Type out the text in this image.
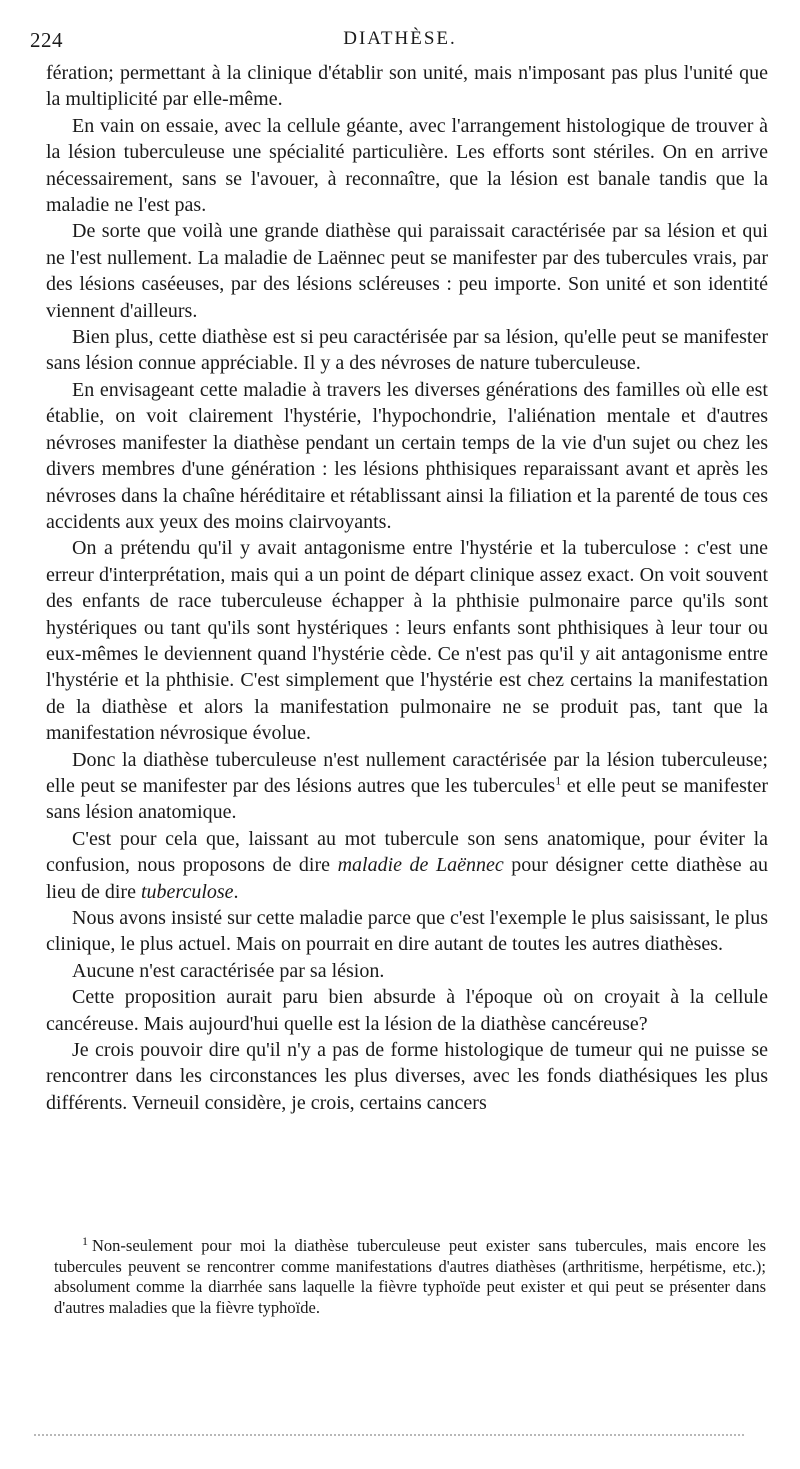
224	DIATHÈSE.

fération; permettant à la clinique d'établir son unité, mais n'imposant pas plus l'unité que la multiplicité par elle-même.

En vain on essaie, avec la cellule géante, avec l'arrangement histologique de trouver à la lésion tuberculeuse une spécialité particulière. Les efforts sont stériles. On en arrive nécessairement, sans se l'avouer, à reconnaître, que la lésion est banale tandis que la maladie ne l'est pas.

De sorte que voilà une grande diathèse qui paraissait caractérisée par sa lésion et qui ne l'est nullement. La maladie de Laënnec peut se manifester par des tubercules vrais, par des lésions caséeuses, par des lésions scléreuses : peu importe. Son unité et son identité viennent d'ailleurs.

Bien plus, cette diathèse est si peu caractérisée par sa lésion, qu'elle peut se manifester sans lésion connue appréciable. Il y a des névroses de nature tuberculeuse.

En envisageant cette maladie à travers les diverses générations des familles où elle est établie, on voit clairement l'hystérie, l'hypochondrie, l'aliénation mentale et d'autres névroses manifester la diathèse pendant un certain temps de la vie d'un sujet ou chez les divers membres d'une génération : les lésions phthisiques reparaissant avant et après les névroses dans la chaîne héréditaire et rétablissant ainsi la filiation et la parenté de tous ces accidents aux yeux des moins clairvoyants.

On a prétendu qu'il y avait antagonisme entre l'hystérie et la tuberculose : c'est une erreur d'interprétation, mais qui a un point de départ clinique assez exact. On voit souvent des enfants de race tuberculeuse échapper à la phthisie pulmonaire parce qu'ils sont hystériques ou tant qu'ils sont hystériques : leurs enfants sont phthisiques à leur tour ou eux-mêmes le deviennent quand l'hystérie cède. Ce n'est pas qu'il y ait antagonisme entre l'hystérie et la phthisie. C'est simplement que l'hystérie est chez certains la manifestation de la diathèse et alors la manifestation pulmonaire ne se produit pas, tant que la manifestation névrosique évolue.

Donc la diathèse tuberculeuse n'est nullement caractérisée par la lésion tuberculeuse; elle peut se manifester par des lésions autres que les tubercules$^1$ et elle peut se manifester sans lésion anatomique.

C'est pour cela que, laissant au mot tubercule son sens anatomique, pour éviter la confusion, nous proposons de dire maladie de Laënnec pour désigner cette diathèse au lieu de dire tuberculose.

Nous avons insisté sur cette maladie parce que c'est l'exemple le plus saisissant, le plus clinique, le plus actuel. Mais on pourrait en dire autant de toutes les autres diathèses.

Aucune n'est caractérisée par sa lésion.

Cette proposition aurait paru bien absurde à l'époque où on croyait à la cellule cancéreuse. Mais aujourd'hui quelle est la lésion de la diathèse cancéreuse?

Je crois pouvoir dire qu'il n'y a pas de forme histologique de tumeur qui ne puisse se rencontrer dans les circonstances les plus diverses, avec les fonds diathésiques les plus différents. Verneuil considère, je crois, certains cancers

$^1$ Non-seulement pour moi la diathèse tuberculeuse peut exister sans tubercules, mais encore les tubercules peuvent se rencontrer comme manifestations d'autres diathèses (arthritisme, herpétisme, etc.); absolument comme la diarrhée sans laquelle la fièvre typhoïde peut exister et qui peut se présenter dans d'autres maladies que la fièvre typhoïde.
